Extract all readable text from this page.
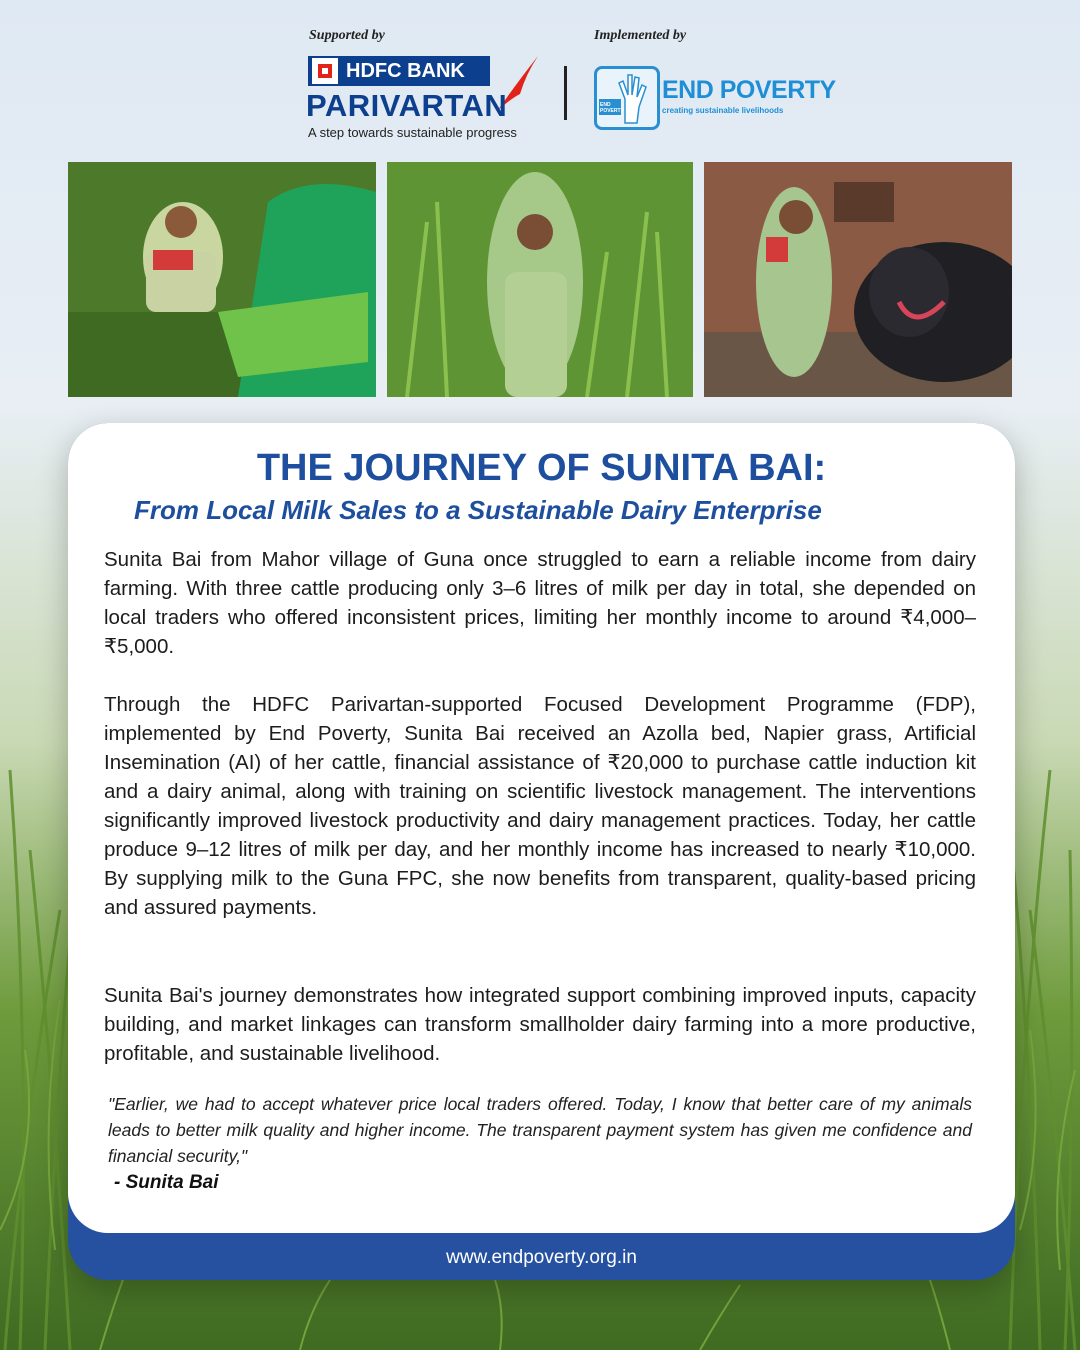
Supported by	Implemented by
HDFC BANK
PARIVARTAN
A step towards sustainable progress
END POVERTY
END POVERTY
creating sustainable livelihoods
THE JOURNEY OF SUNITA BAI:
From Local Milk Sales to a Sustainable Dairy Enterprise
Sunita Bai from Mahor village of Guna once struggled to earn a reliable income from dairy farming. With three cattle producing only 3–6 litres of milk per day in total, she depended on local traders who offered inconsistent prices, limiting her monthly income to around ₹4,000–₹5,000.
Through the HDFC Parivartan-supported Focused Development Programme (FDP), implemented by End Poverty, Sunita Bai received an Azolla bed, Napier grass, Artificial Insemination (AI) of her cattle, financial assistance of ₹20,000 to purchase cattle induction kit and a dairy animal, along with training on scientific livestock management. The interventions significantly improved livestock productivity and dairy management practices. Today, her cattle produce 9–12 litres of milk per day, and her monthly income has increased to nearly ₹10,000. By supplying milk to the Guna FPC, she now benefits from transparent, quality-based pricing and assured payments.
Sunita Bai's journey demonstrates how integrated support combining improved inputs, capacity building, and market linkages can transform smallholder dairy farming into a more productive, profitable, and sustainable livelihood.
"Earlier, we had to accept whatever price local traders offered. Today, I know that better care of my animals leads to better milk quality and higher income. The transparent payment system has given me confidence and financial security,"
- Sunita Bai
www.endpoverty.org.in
